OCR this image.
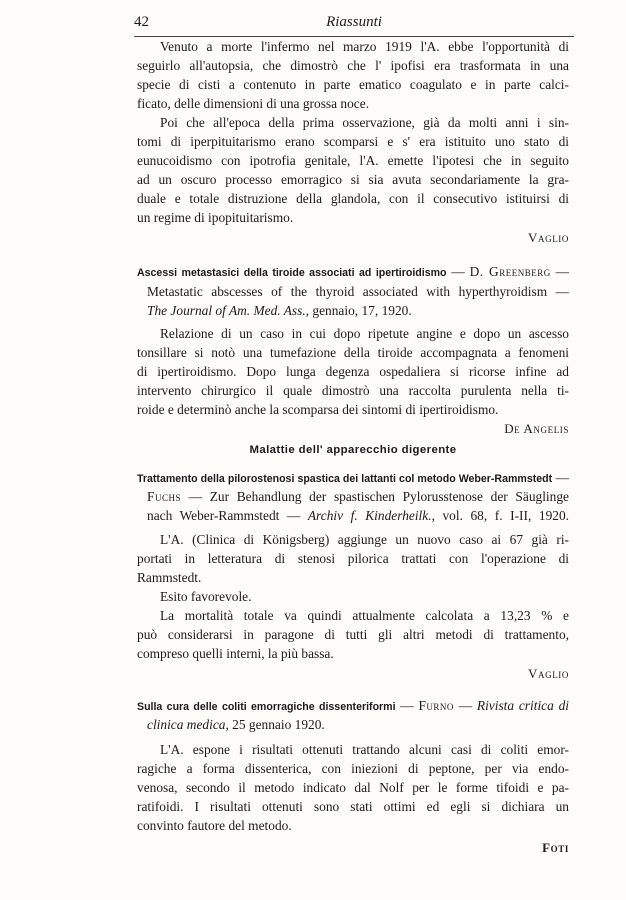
42	Riassunti
Venuto a morte l'infermo nel marzo 1919 l'A. ebbe l'opportunità di
seguirlo all'autopsia, che dimostrò che l' ipofisi era trasformata in una
specie di cisti a contenuto in parte ematico coagulato e in parte calci-
ficato, delle dimensioni di una grossa noce.
Poi che all'epoca della prima osservazione, già da molti anni i sin-
tomi di iperpituitarismo erano scomparsi e s' era istituito uno stato di
eunucoidismo con ipotrofia genitale, l'A. emette l'ipotesi che in seguito
ad un oscuro processo emorragico si sia avuta secondariamente la gra-
duale e totale distruzione della glandola, con il consecutivo istituirsi di
un regime di ipopituitarismo.
Vaglio
Ascessi metastasici della tiroide associati ad ipertiroidismo — D. Greenberg —
Metastatic abscesses of the thyroid associated with hyperthyroidism —
The Journal of Am. Med. Ass., gennaio, 17, 1920.
Relazione di un caso in cui dopo ripetute angine e dopo un ascesso
tonsillare si notò una tumefazione della tiroide accompagnata a fenomeni
di ipertiroidismo. Dopo lunga degenza ospedaliera si ricorse infine ad
intervento chirurgico il quale dimostrò una raccolta purulenta nella ti-
roide e determinò anche la scomparsa dei sintomi di ipertiroidismo.
De Angelis
Malattie dell' apparecchio digerente
Trattamento della pilorostenosi spastica dei lattanti col metodo Weber-Rammstedt —
Fuchs — Zur Behandlung der spastischen Pylorusstenose der Säuglinge
nach Weber-Rammstedt — Archiv f. Kinderheilk., vol. 68, f. I-II, 1920.
L'A. (Clinica di Königsberg) aggiunge un nuovo caso ai 67 già ri-
portati in letteratura di stenosi pilorica trattati con l'operazione di
Rammstedt.
Esito favorevole.
La mortalità totale va quindi attualmente calcolata a 13,23 % e
può considerarsi in paragone di tutti gli altri metodi di trattamento,
compreso quelli interni, la più bassa.
Vaglio
Sulla cura delle coliti emorragiche dissenteriformi — Furno — Rivista critica di
clinica medica, 25 gennaio 1920.
L'A. espone i risultati ottenuti trattando alcuni casi di coliti emor-
ragiche a forma dissenterica, con iniezioni di peptone, per via endo-
venosa, secondo il metodo indicato dal Nolf per le forme tifoidi e pa-
ratifoidi. I risultati ottenuti sono stati ottimi ed egli si dichiara un
convinto fautore del metodo.
Foti
